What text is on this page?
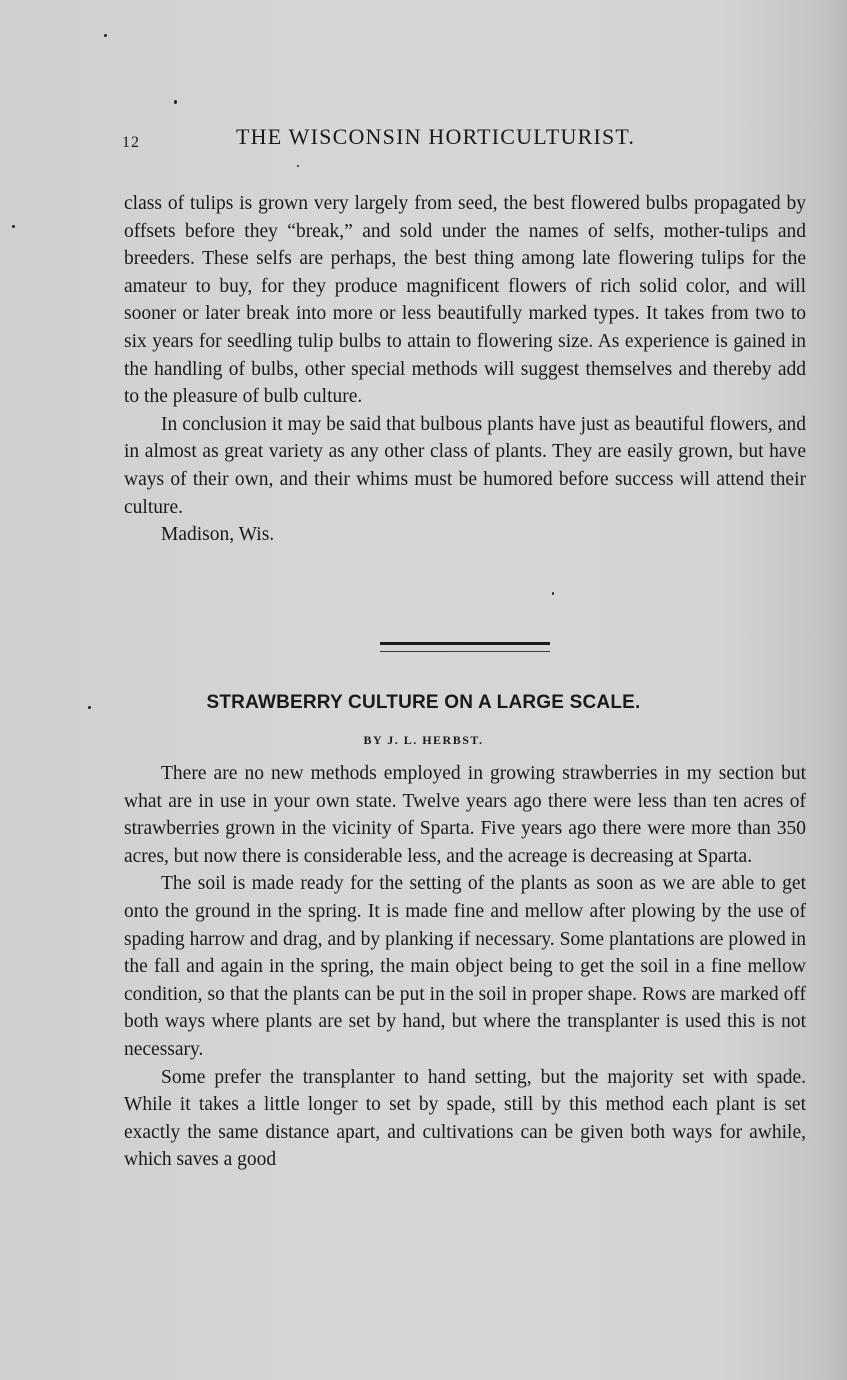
12	THE WISCONSIN HORTICULTURIST.

class of tulips is grown very largely from seed, the best flowered bulbs propagated by offsets before they “break,” and sold under the names of selfs, mother-tulips and breeders. These selfs are perhaps, the best thing among late flowering tulips for the amateur to buy, for they produce magnificent flowers of rich solid color, and will sooner or later break into more or less beautifully marked types. It takes from two to six years for seedling tulip bulbs to attain to flowering size. As experience is gained in the handling of bulbs, other special methods will suggest themselves and thereby add to the pleasure of bulb culture.

In conclusion it may be said that bulbous plants have just as beautiful flowers, and in almost as great variety as any other class of plants. They are easily grown, but have ways of their own, and their whims must be humored before success will attend their culture.

Madison, Wis.

STRAWBERRY CULTURE ON A LARGE SCALE.
BY J. L. HERBST.

There are no new methods employed in growing strawberries in my section but what are in use in your own state. Twelve years ago there were less than ten acres of strawberries grown in the vicinity of Sparta. Five years ago there were more than 350 acres, but now there is considerable less, and the acreage is decreasing at Sparta.

The soil is made ready for the setting of the plants as soon as we are able to get onto the ground in the spring. It is made fine and mellow after plowing by the use of spading harrow and drag, and by planking if necessary. Some plantations are plowed in the fall and again in the spring, the main object being to get the soil in a fine mellow condition, so that the plants can be put in the soil in proper shape. Rows are marked off both ways where plants are set by hand, but where the transplanter is used this is not necessary.

Some prefer the transplanter to hand setting, but the majority set with spade. While it takes a little longer to set by spade, still by this method each plant is set exactly the same distance apart, and cultivations can be given both ways for awhile, which saves a good
